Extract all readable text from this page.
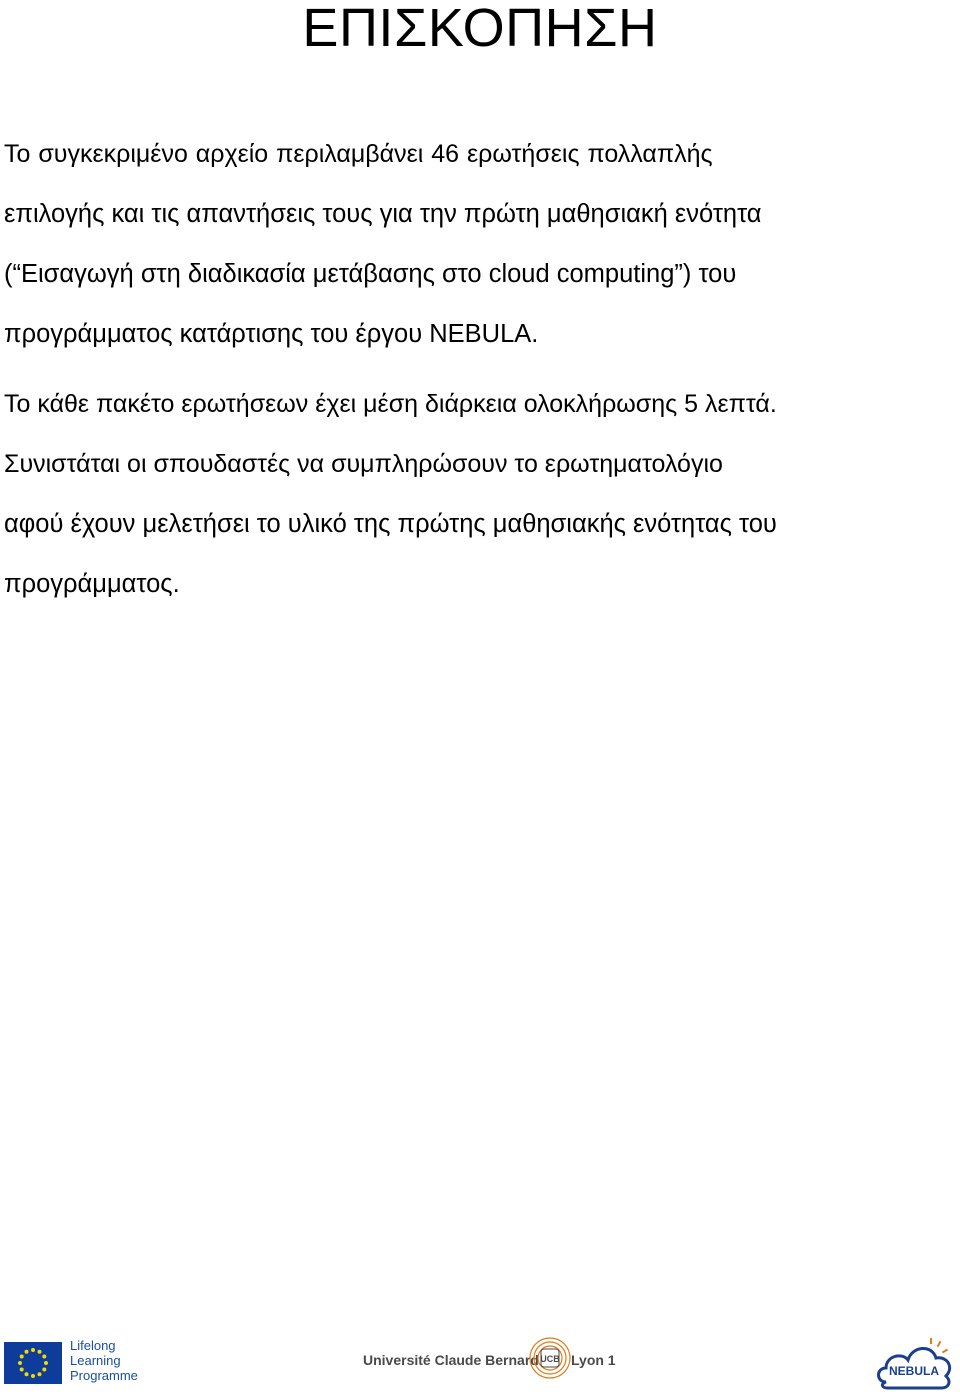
ΕΠΙΣΚΟΠΗΣΗ

Το συγκεκριμένο αρχείο περιλαμβάνει 46 ερωτήσεις πολλαπλής

επιλογής και τις απαντήσεις τους για την πρώτη μαθησιακή ενότητα

(“Εισαγωγή στη διαδικασία μετάβασης στο cloud computing”) του

προγράμματος κατάρτισης του έργου NEBULA.

Το κάθε πακέτο ερωτήσεων έχει μέση διάρκεια ολοκλήρωσης 5 λεπτά.

Συνιστάται οι σπουδαστές να συμπληρώσουν το ερωτηματολόγιο

αφού έχουν μελετήσει το υλικό της πρώτης μαθησιακής ενότητας του

προγράμματος.

Lifelong
Learning
Programme
Université Claude Bernard UCB Lyon 1
NEBULA
